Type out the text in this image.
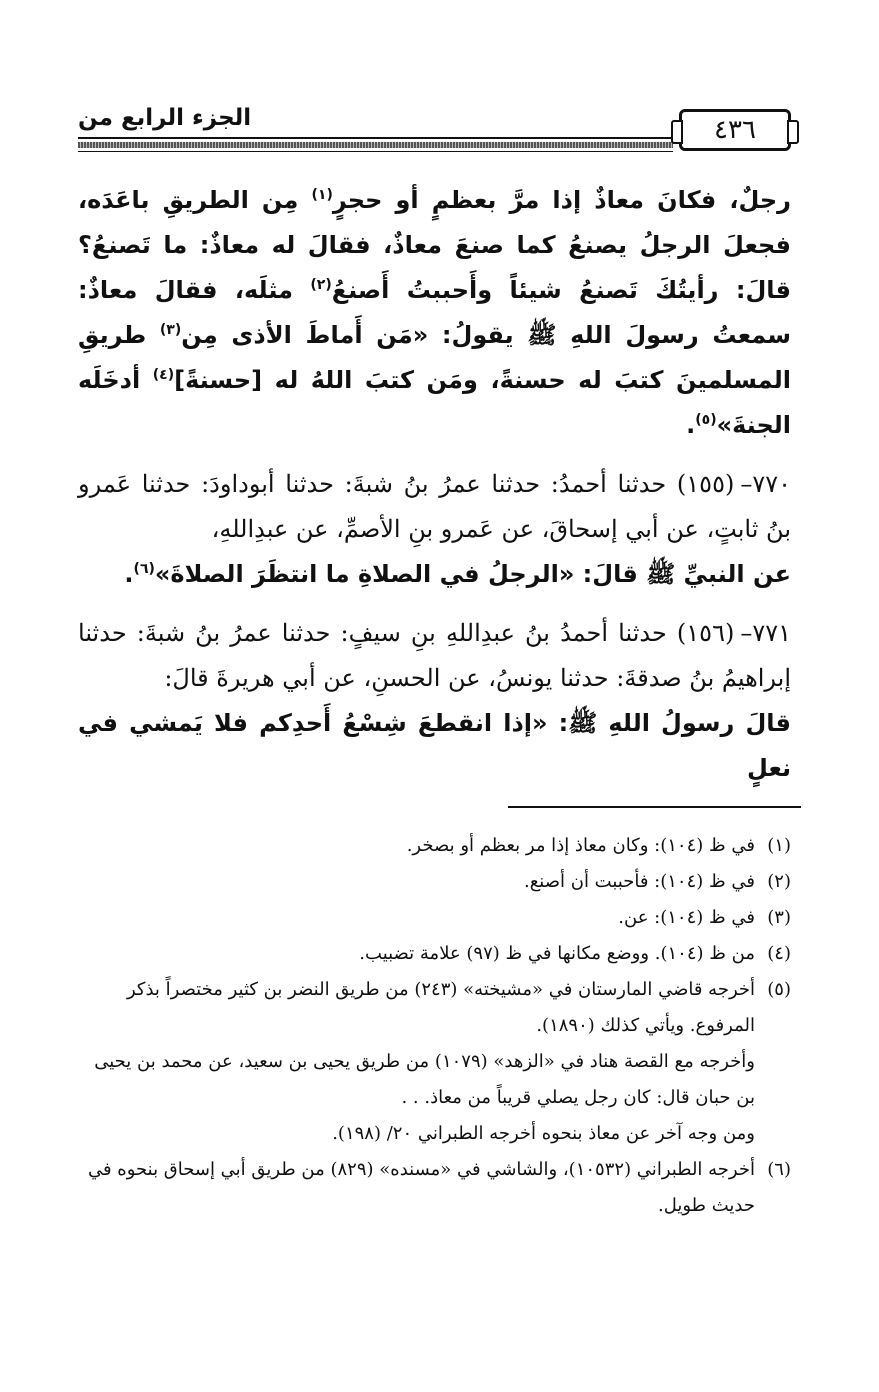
٤٣٦
الجزء الرابع من

رجلٌ، فكانَ معاذٌ إذا مرَّ بعظمٍ أو حجرٍ$^{(١)}$ مِن الطريقِ باعَدَه، فجعلَ الرجلُ يصنعُ كما صنعَ معاذٌ، فقالَ له معاذٌ: ما تَصنعُ؟ قالَ: رأيتُكَ تَصنعُ شيئاً وأَحببتُ أَصنعُ$^{(٢)}$ مثلَه، فقالَ معاذٌ: سمعتُ رسولَ اللهِ ﷺ يقولُ: «مَن أَماطَ الأذى مِن$^{(٣)}$ طريقِ المسلمينَ كتبَ له حسنةً، ومَن كتبَ اللهُ له [حسنةً]$^{(٤)}$ أدخَلَه الجنةَ»$^{(٥)}$.

٧٧٠–(١٥٥) حدثنا أحمدُ: حدثنا عمرُ بنُ شبةَ: حدثنا أبوداودَ: حدثنا عَمرو بنُ ثابتٍ، عن أبي إسحاقَ، عن عَمرو بنِ الأصمِّ، عن عبدِاللهِ،
عن النبيِّ ﷺ قالَ: «الرجلُ في الصلاةِ ما انتظَرَ الصلاةَ»$^{(٦)}$.

٧٧١–(١٥٦) حدثنا أحمدُ بنُ عبدِاللهِ بنِ سيفٍ: حدثنا عمرُ بنُ شبةَ: حدثنا إبراهيمُ بنُ صدقةَ: حدثنا يونسُ، عن الحسنِ، عن أبي هريرةَ قالَ:
قالَ رسولُ اللهِ ﷺ: «إذا انقطعَ شِسْعُ أَحدِكم فلا يَمشي في نعلٍ

(١)
في ظ (١٠٤): وكان معاذ إذا مر بعظم أو بصخر.

(٢)
في ظ (١٠٤): فأحببت أن أصنع.

(٣)
في ظ (١٠٤): عن.

(٤)
من ظ (١٠٤). ووضع مكانها في ظ (٩٧) علامة تضبيب.

(٥)
أخرجه قاضي المارستان في «مشيخته» (٢٤٣) من طريق النضر بن كثير مختصراً بذكر المرفوع. ويأتي كذلك (١٨٩٠).

وأخرجه مع القصة هناد في «الزهد» (١٠٧٩) من طريق يحيى بن سعيد، عن محمد بن يحيى بن حبان قال: كان رجل يصلي قريباً من معاذ. . .

ومن وجه آخر عن معاذ بنحوه أخرجه الطبراني ٢٠/ (١٩٨).

(٦)
أخرجه الطبراني (١٠٥٣٢)، والشاشي في «مسنده» (٨٢٩) من طريق أبي إسحاق بنحوه في حديث طويل.
